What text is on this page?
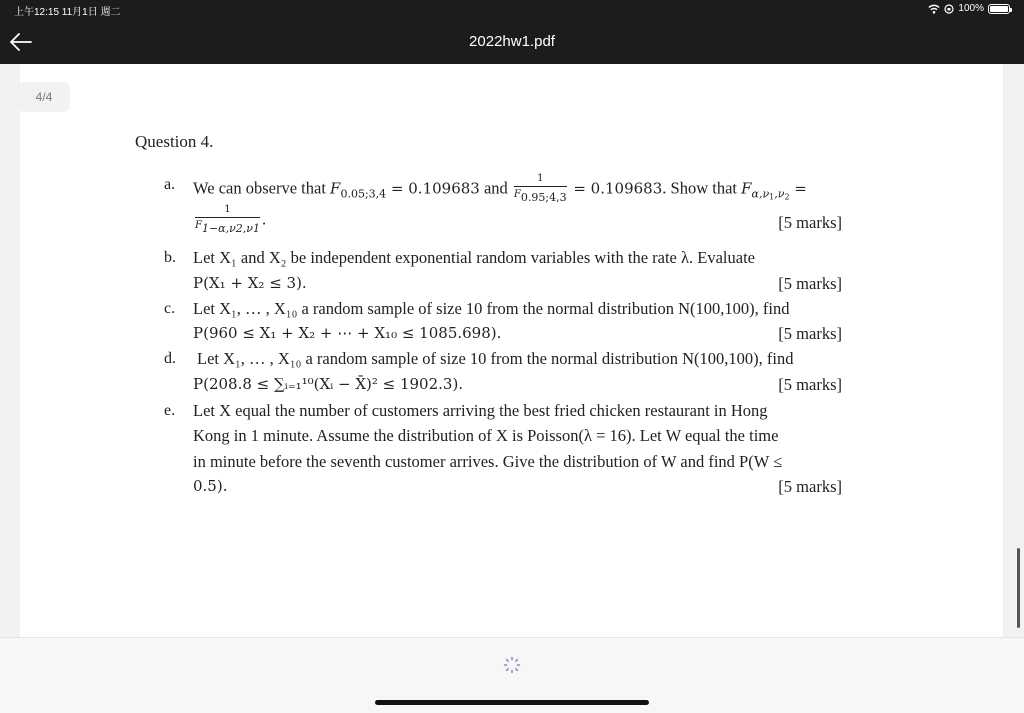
上午12:15 11月1日 週二	100%
2022hw1.pdf
4/4
Question 4.
a. We can observe that $F_{0.05;3,4} = 0.109683$ and $\frac{1}{F0.95;4,3} = 0.109683$. Show that $F_{\alpha,\nu 1,\nu 2}$ =
$\frac{1}{F1-\alpha,\nu 2,\nu 1}$ .	[5 marks]
b. Let X₁ and X₂ be independent exponential random variables with the rate λ. Evaluate
P(X₁ + X₂ ≤ 3).	[5 marks]
c. Let X₁, … , X₁₀ a random sample of size 10 from the normal distribution N(100,100), find
P(960 ≤ X₁ + X₂ + ⋯ + X₁₀ ≤ 1085.698).	[5 marks]
d. Let X₁, … , X₁₀ a random sample of size 10 from the normal distribution N(100,100), find
P(208.8 ≤ ∑ᵢ₌₁¹⁰(Xᵢ − X̄)² ≤ 1902.3).	[5 marks]
e. Let X equal the number of customers arriving the best fried chicken restaurant in Hong
Kong in 1 minute. Assume the distribution of X is Poisson(λ = 16). Let W equal the time
in minute before the seventh customer arrives. Give the distribution of W and find P(W ≤
0.5).	[5 marks]
